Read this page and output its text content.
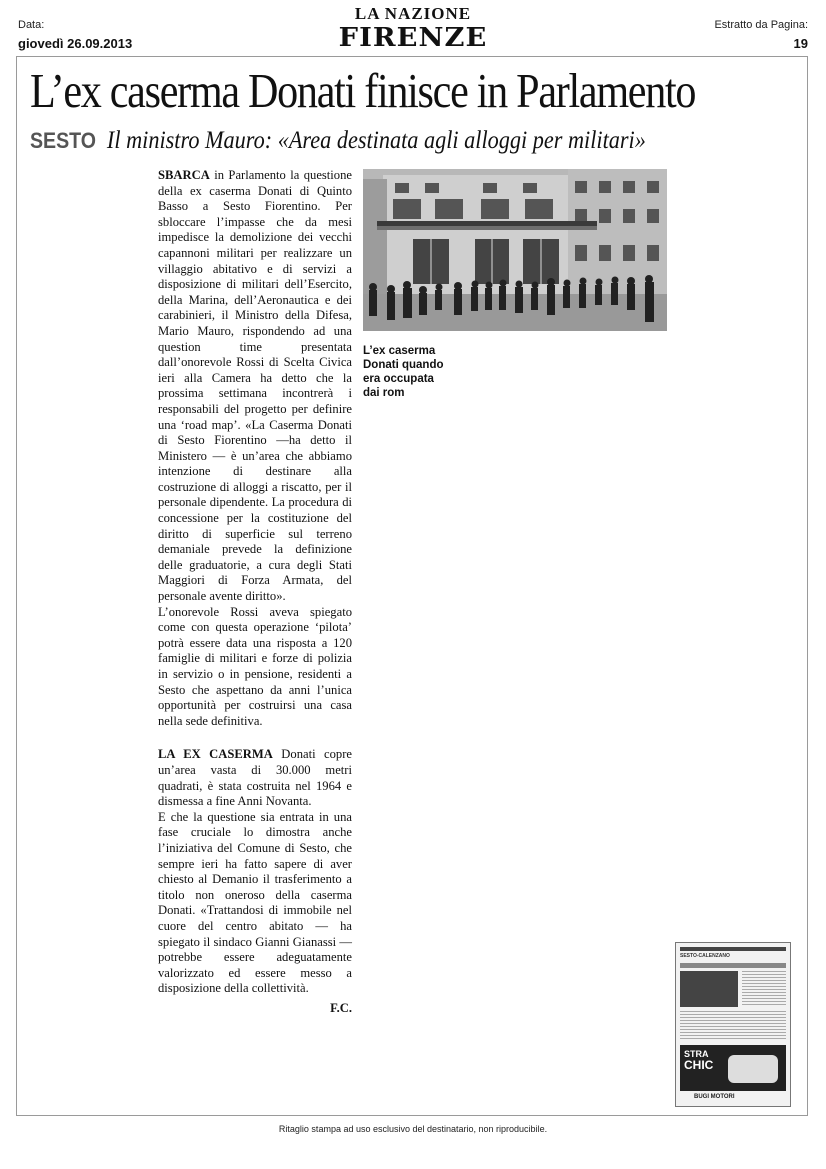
Data:
giovedì 26.09.2013
LA NAZIONE
FIRENZE	Estratto da Pagina:
19
L’ex caserma Donati finisce in Parlamento
SESTO Il ministro Mauro: «Area destinata agli alloggi per militari»

SBARCA in Parlamento la questione della ex caserma Donati di Quinto Basso a Sesto Fiorentino. Per sbloccare l’impasse che da mesi impedisce la demolizione dei vecchi capannoni militari per realizzare un villaggio abitativo e di servizi a disposizione di militari dell’Esercito, della Marina, dell’Aeronautica e dei carabinieri, il Ministro della Difesa, Mario Mauro, rispondendo ad una question time presentata dall’onorevole Rossi di Scelta Civica ieri alla Camera ha detto che la prossima settimana incontrerà i responsabili del progetto per definire una ‘road map’. «La Caserma Donati di Sesto Fiorentino —ha detto il Ministero — è un’area che abbiamo intenzione di destinare alla costruzione di alloggi a riscatto, per il personale dipendente. La procedura di concessione per la costituzione del diritto di superficie sul terreno demaniale prevede la definizione delle graduatorie, a cura degli Stati Maggiori di Forza Armata, del personale avente diritto».

L’onorevole Rossi aveva spiegato come con questa operazione ‘pilota’ potrà essere data una risposta a 120 famiglie di militari e forze di polizia in servizio o in pensione, residenti a Sesto che aspettano da anni l’unica opportunità per costruirsi una casa nella sede definitiva.

LA EX CASERMA Donati copre un’area vasta di 30.000 metri quadrati, è stata costruita nel 1964 e dismessa a fine Anni Novanta.

E che la questione sia entrata in una fase cruciale lo dimostra anche l’iniziativa del Comune di Sesto, che sempre ieri ha fatto sapere di aver chiesto al Demanio il trasferimento a titolo non oneroso della caserma Donati. «Trattandosi di immobile nel cuore del centro abitato — ha spiegato il sindaco Gianni Gianassi — potrebbe essere adeguatamente valorizzato ed essere messo a disposizione della collettività.

F.C.

L’ex caserma Donati quando era occupata dai rom
SESTO-CALENZANO
STRA
CHIC
BUGI MOTORI
Ritaglio stampa ad uso esclusivo del destinatario, non riproducibile.
